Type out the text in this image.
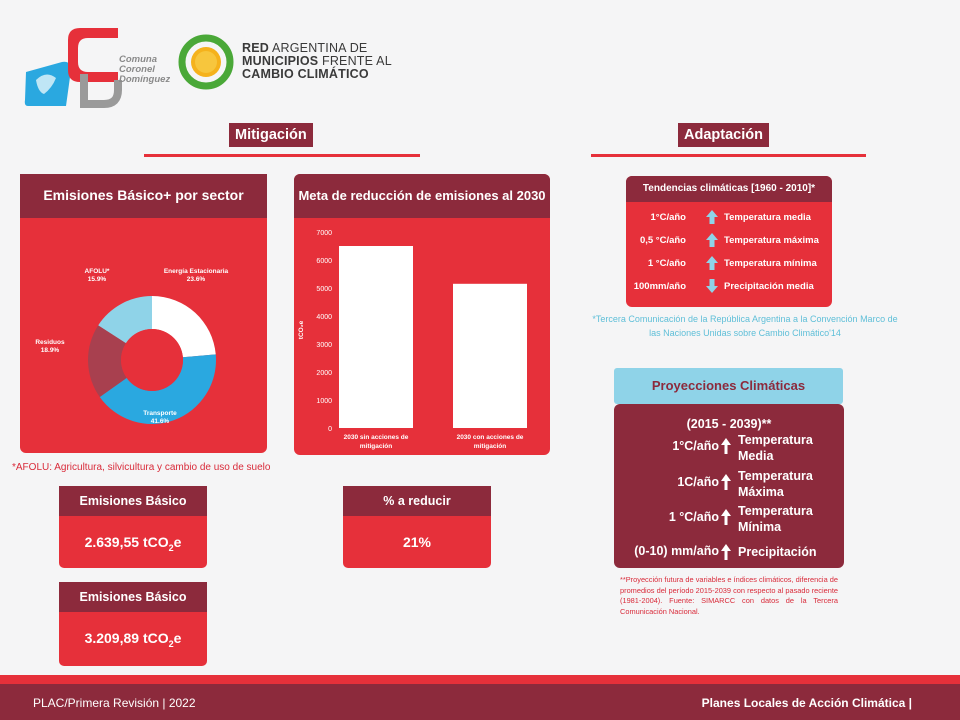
Comuna Coronel Domínguez
RED ARGENTINA DE
MUNICIPIOS FRENTE AL
CAMBIO CLIMÁTICO
Mitigación	Adaptación
Emisiones Básico+ por sector
AFOLU*
15.9%
Energía Estacionaria
23.6%
Transporte
41.6%
Residuos
18.9%
Meta de reducción de emisiones al 2030
0
1000
2000
3000
4000
5000
6000
7000
tCO₂e
2030 sin acciones de
mitigación
2030 con acciones de
mitigación
*AFOLU: Agricultura, silvicultura y cambio de uso de suelo
Emisiones Básico
2.639,55 tCO$_2$e
Emisiones Básico
3.209,89 tCO$_2$e
% a reducir
21%
Tendencias climáticas [1960 - 2010]*
1°C/año	Temperatura media
0,5 °C/año	Temperatura máxima
1 °C/año	Temperatura mínima
100mm/año	Precipitación media
*Tercera Comunicación de la República Argentina a la Convención Marco de
las Naciones Unidas sobre Cambio Climático'14
Proyecciones Climáticas
(2015 - 2039)**
1°C/año Temperatura
Media
1C/año Temperatura
Máxima
1 °C/año Temperatura
Mínima
(0-10) mm/año Precipitación
**Proyección futura de variables e índices climáticos, diferencia de promedios del período 2015-2039 con respecto al pasado reciente (1981-2004). Fuente: SIMARCC con datos de la Tercera Comunicación Nacional.
PLAC/Primera Revisión | 2022	Planes Locales de Acción Climática |
